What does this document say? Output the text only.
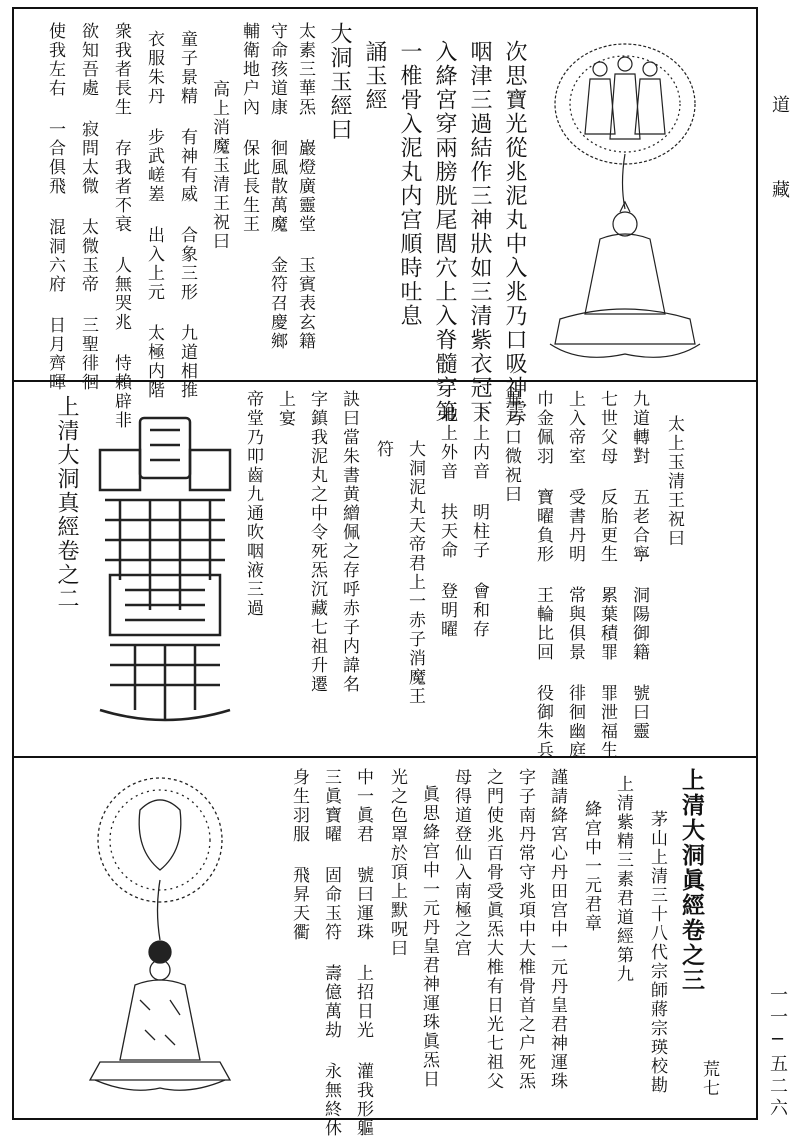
道
藏
一一─五二六
次思寶光從兆泥丸中入兆乃口吸神雲
咽津三過結作三神狀如三清紫衣冠下
入絳宮穿兩膀胱尾閭穴上入脊髓穿第
一椎骨入泥丸内宫順時吐息
誦玉經
大洞玉經曰
太素三華炁 巖燈廣靈堂 玉賓表玄籍
守命孩道康 徊風散萬魔 金符召慶鄉
輔衛地户內 保此長生王
高上消魔玉清王祝曰
童子景精 有神有威 合象三形 九道相推
衣服朱丹 步武嵯嵳 出入上元 太極内階
衆我者長生 存我者不衰 人無哭兆 恃賴辟非
欲知吾處 寂問太微 太微玉帝 三聖徘徊
使我左右 一合俱飛 混洞六府 日月齊暉
太上玉清王祝曰
九道轉對 五老合寧 洞陽御籍 號曰靈
七世父母 反胎更生 累葉積罪 罪泄福生
上入帝室 受書丹明 常與俱景 徘徊幽庭
巾金佩羽 寶曜負形 王輪比回 役御朱兵
畢乃口微祝曰
天上内音 明柱子 會和存
地上外音 扶天命 登明曜
大洞泥丸天帝君上一赤子消魔王
符
訣曰當朱書黄繒佩之存呼赤子内諱名
字鎮我泥丸之中令死炁沉藏七祖升遷
上宴
帝堂乃叩齒九通吹咽液三過
上清大洞真經卷之二
上清大洞眞經卷之三
茅山上清三十八代宗師蔣宗瑛校勘
上清紫精三素君道經第九
絳宫中一元君章
謹請絳宮心丹田宫中一元丹皇君神運珠
字子南丹常守兆項中大椎骨首之户死炁
之門使兆百骨受眞炁大椎有日光七祖父
母得道登仙入南極之宫
眞思絳宫中一元丹皇君神運珠眞炁日
光之色罩於頂上默呪曰
中一眞君 號曰運珠 上招日光 灌我形軀
三眞寶曜 固命玉符 壽億萬劫 永無終休
身生羽服 飛昇天衢
荒七
